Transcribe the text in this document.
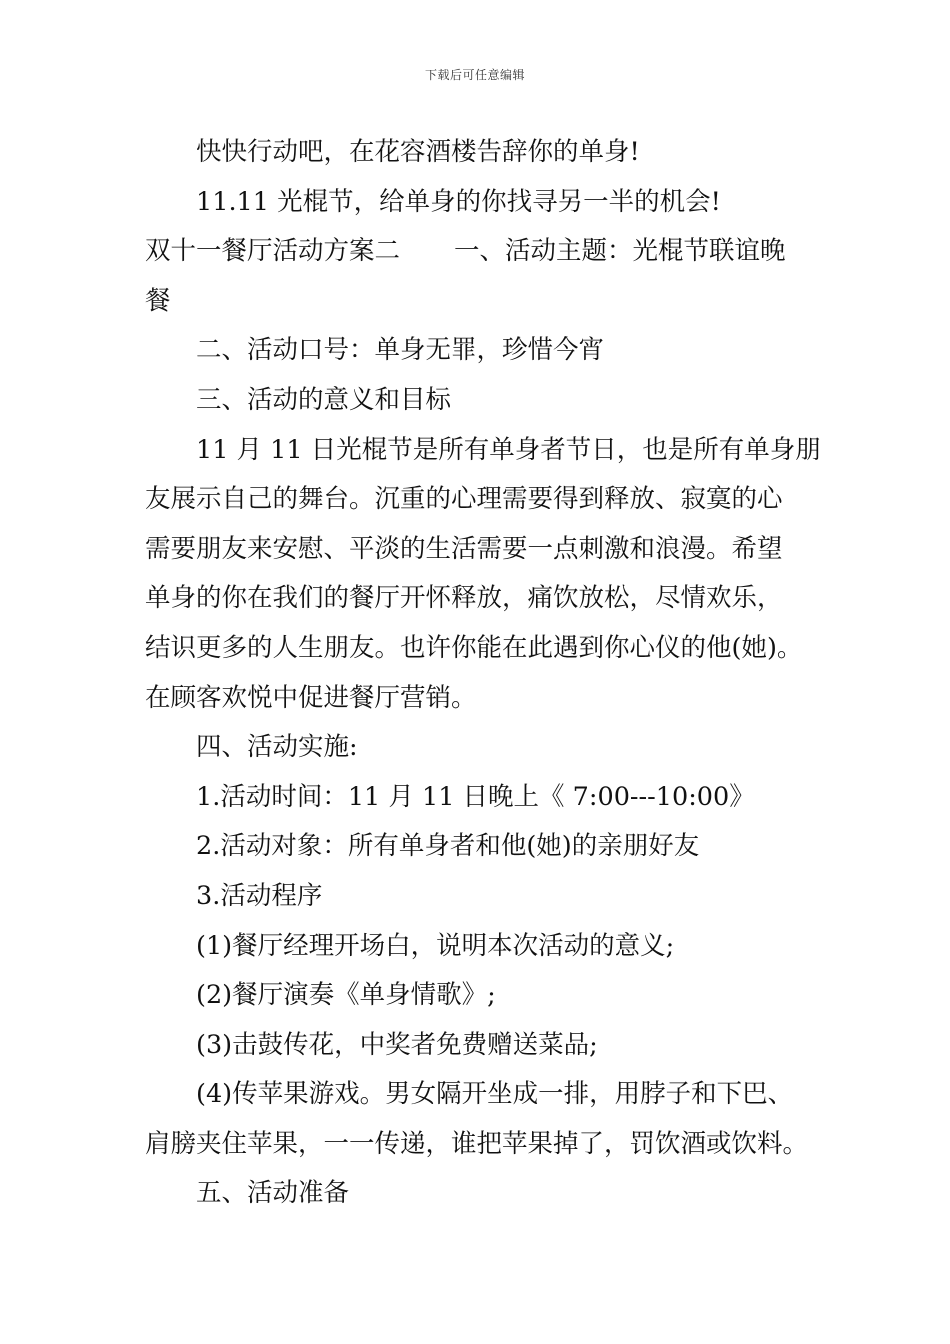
下载后可任意编辑

快快行动吧，在花容酒楼告辞你的单身!

11.11 光棍节，给单身的你找寻另一半的机会!

双十一餐厅活动方案二 一、活动主题：光棍节联谊晚

餐

二、活动口号：单身无罪，珍惜今宵

三、活动的意义和目标

11 月 11 日光棍节是所有单身者节日，也是所有单身朋

友展示自己的舞台。沉重的心理需要得到释放、寂寞的心

需要朋友来安慰、平淡的生活需要一点刺激和浪漫。希望

单身的你在我们的餐厅开怀释放，痛饮放松，尽情欢乐，

结识更多的人生朋友。也许你能在此遇到你心仪的他(她)。

在顾客欢悦中促进餐厅营销。

四、活动实施:

1.活动时间：11 月 11 日晚上《 7:00---10:00》

2.活动对象：所有单身者和他(她)的亲朋好友

3.活动程序

(1)餐厅经理开场白，说明本次活动的意义;

(2)餐厅演奏《单身情歌》;

(3)击鼓传花，中奖者免费赠送菜品;

(4)传苹果游戏。男女隔开坐成一排，用脖子和下巴、

肩膀夹住苹果，一一传递，谁把苹果掉了，罚饮酒或饮料。

五、活动准备
